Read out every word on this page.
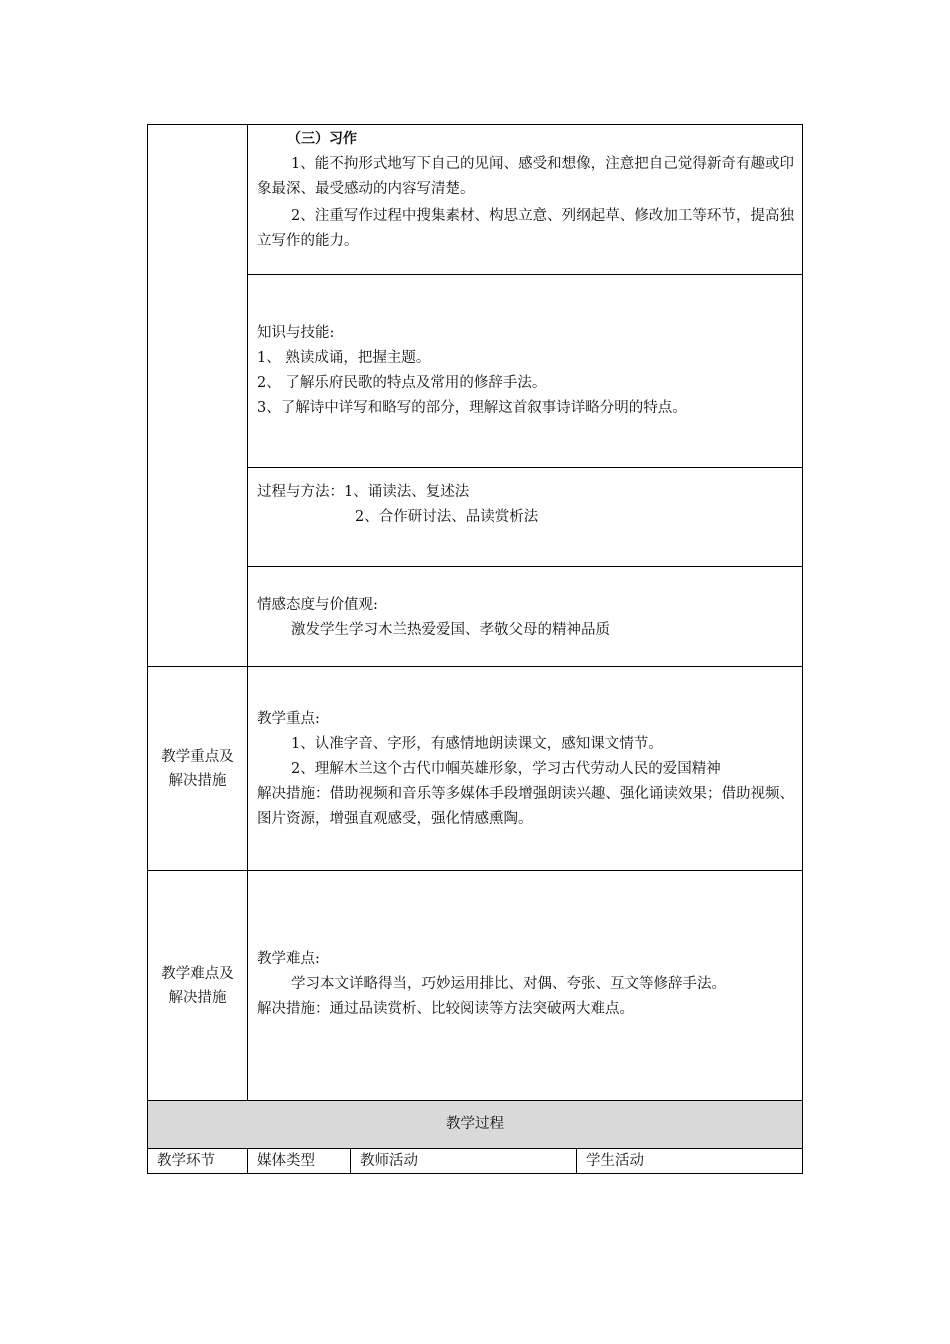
	（三）习作
1、能不拘形式地写下自己的见闻、感受和想像，注意把自己觉得新奇有趣或印象最深、最受感动的内容写清楚。
2、注重写作过程中搜集素材、构思立意、列纲起草、修改加工等环节，提高独立写作的能力。		

	知识与技能:
1、 熟读成诵，把握主题。
2、 了解乐府民歌的特点及常用的修辞手法。
3、了解诗中详写和略写的部分，理解这首叙事诗详略分明的特点。		

	过程与方法：1、诵读法、复述法
2、合作研讨法、品读赏析法		

	情感态度与价值观:
激发学生学习木兰热爱爱国、孝敬父母的精神品质		

教学重点及解决措施	教学重点:
1、认准字音、字形，有感情地朗读课文，感知课文情节。
2、理解木兰这个古代巾帼英雄形象，学习古代劳动人民的爱国精神
解决措施：借助视频和音乐等多媒体手段增强朗读兴趣、强化诵读效果；借助视频、图片资源，增强直观感受，强化情感熏陶。		

教学难点及解决措施	教学难点:
学习本文详略得当，巧妙运用排比、对偶、夸张、互文等修辞手法。
解决措施：通过品读赏析、比较阅读等方法突破两大难点。		

教学过程			
教学环节	媒体类型	教师活动	学生活动
